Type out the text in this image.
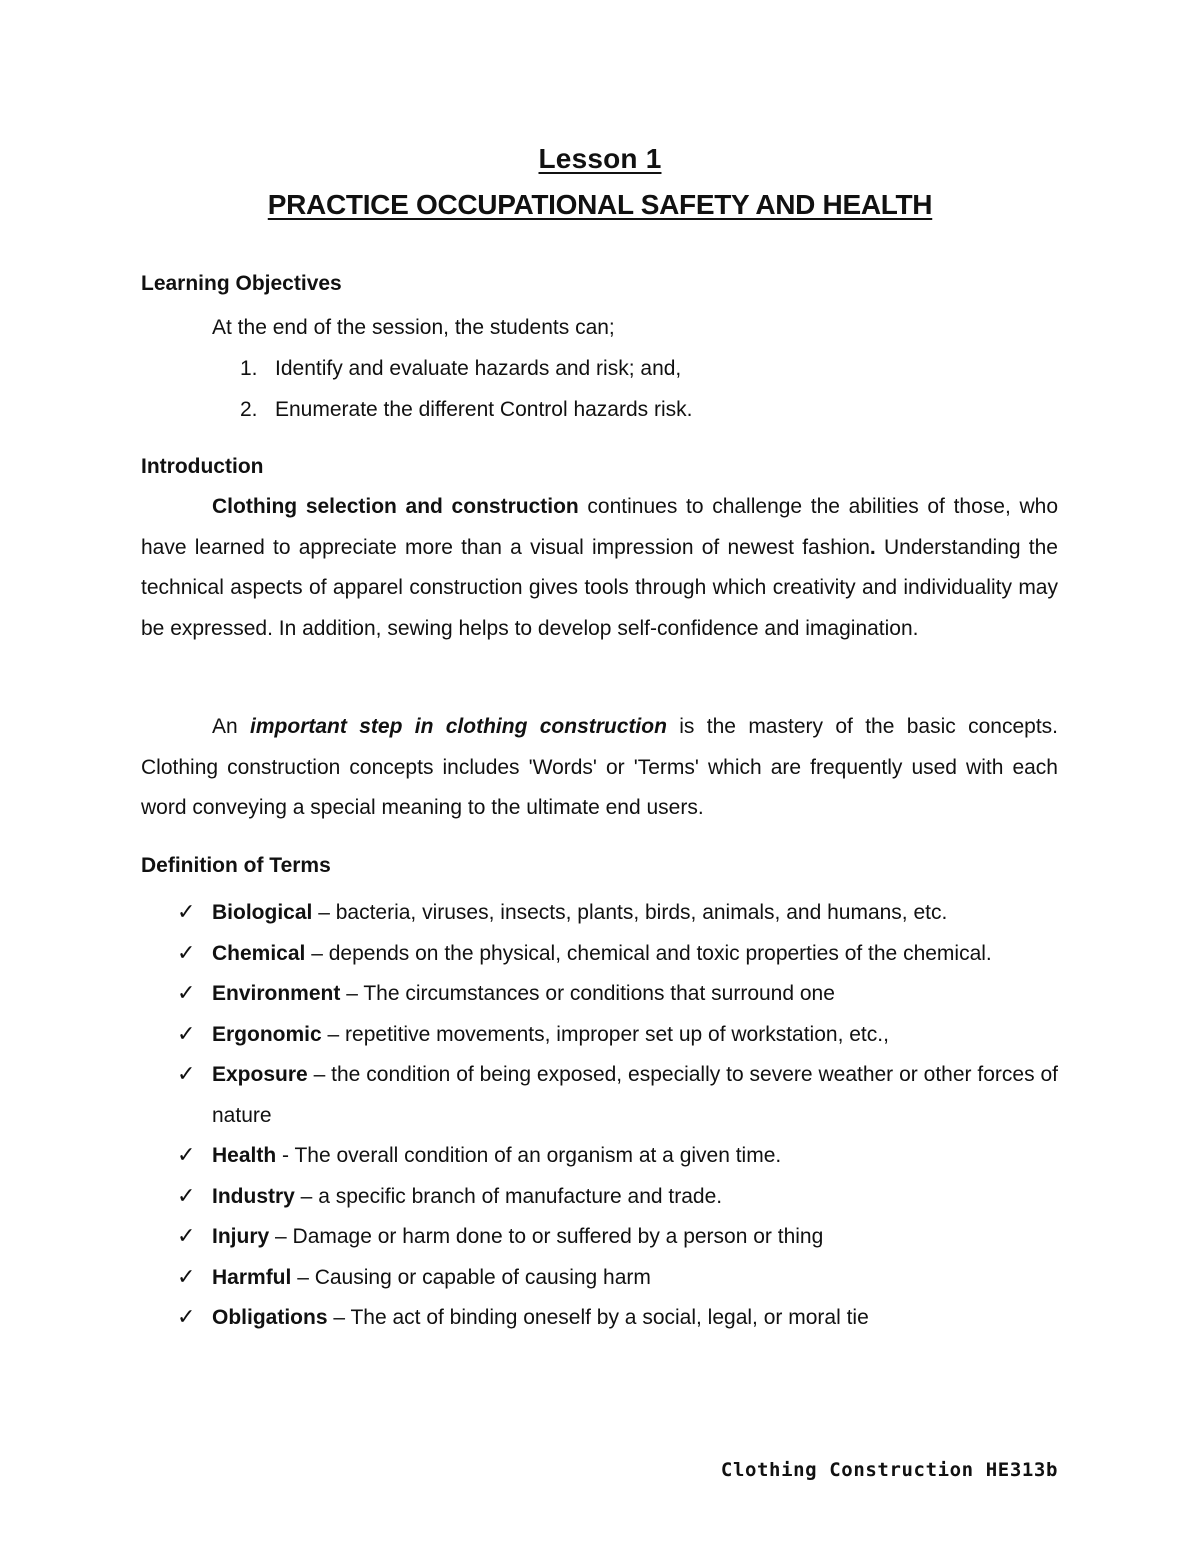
Lesson 1
PRACTICE OCCUPATIONAL SAFETY AND HEALTH
Learning Objectives
At the end of the session, the students can;
1. Identify and evaluate hazards and risk; and,
2. Enumerate the different Control hazards risk.
Introduction

Clothing selection and construction continues to challenge the abilities of those, who have learned to appreciate more than a visual impression of newest fashion. Understanding the technical aspects of apparel construction gives tools through which creativity and individuality may be expressed. In addition, sewing helps to develop self-confidence and imagination.

An important step in clothing construction is the mastery of the basic concepts. Clothing construction concepts includes 'Words' or 'Terms' which are frequently used with each word conveying a special meaning to the ultimate end users.

Definition of Terms
✓ Biological – bacteria, viruses, insects, plants, birds, animals, and humans, etc.
✓ Chemical – depends on the physical, chemical and toxic properties of the chemical.
✓ Environment – The circumstances or conditions that surround one
✓ Ergonomic – repetitive movements, improper set up of workstation, etc.,
✓ Exposure – the condition of being exposed, especially to severe weather or other forces of nature
✓ Health - The overall condition of an organism at a given time.
✓ Industry – a specific branch of manufacture and trade.
✓ Injury – Damage or harm done to or suffered by a person or thing
✓ Harmful – Causing or capable of causing harm
✓ Obligations – The act of binding oneself by a social, legal, or moral tie
Clothing Construction HE313b
